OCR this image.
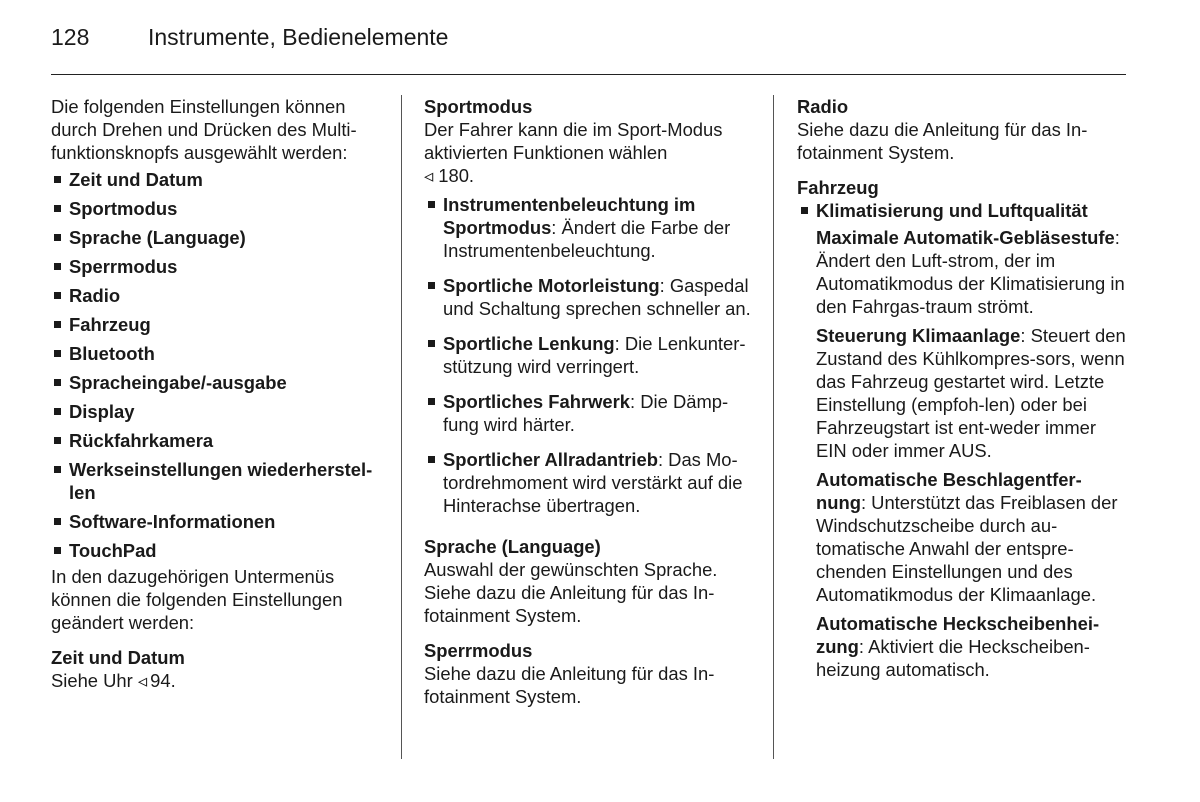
128	Instrumente, Bedienelemente

Die folgenden Einstellungen können durch Drehen und Drücken des Multi-funktionsknopfs ausgewählt werden:

Zeit und Datum
Sportmodus
Sprache (Language)
Sperrmodus
Radio
Fahrzeug
Bluetooth
Spracheingabe/-ausgabe
Display
Rückfahrkamera
Werkseinstellungen wiederherstel-len
Software-Informationen
TouchPad

In den dazugehörigen Untermenüs können die folgenden Einstellungen geändert werden:

Zeit und Datum

Siehe Uhr ◃ 94.

Sportmodus

Der Fahrer kann die im Sport-Modus aktivierten Funktionen wählen

◃ 180.

Instrumentenbeleuchtung im Sportmodus: Ändert die Farbe der Instrumentenbeleuchtung.
Sportliche Motorleistung: Gaspedal und Schaltung sprechen schneller an.
Sportliche Lenkung: Die Lenkunter-stützung wird verringert.
Sportliches Fahrwerk: Die Dämp-fung wird härter.
Sportlicher Allradantrieb: Das Mo-tordrehmoment wird verstärkt auf die Hinterachse übertragen.

Sprache (Language)

Auswahl der gewünschten Sprache. Siehe dazu die Anleitung für das In-fotainment System.

Sperrmodus

Siehe dazu die Anleitung für das In-fotainment System.

Radio

Siehe dazu die Anleitung für das In-fotainment System.

Fahrzeug

Klimatisierung und Luftqualität

Maximale Automatik-Gebläsestufe: Ändert den Luft-strom, der im Automatikmodus der Klimatisierung in den Fahrgas-traum strömt.

Steuerung Klimaanlage: Steuert den Zustand des Kühlkompres-sors, wenn das Fahrzeug gestartet wird. Letzte Einstellung (empfoh-len) oder bei Fahrzeugstart ist ent-weder immer EIN oder immer AUS.

Automatische Beschlagentfer-nung: Unterstützt das Freiblasen der Windschutzscheibe durch au-tomatische Anwahl der entspre-chenden Einstellungen und des Automatikmodus der Klimaanlage.

Automatische Heckscheibenhei-zung: Aktiviert die Heckscheiben-heizung automatisch.
